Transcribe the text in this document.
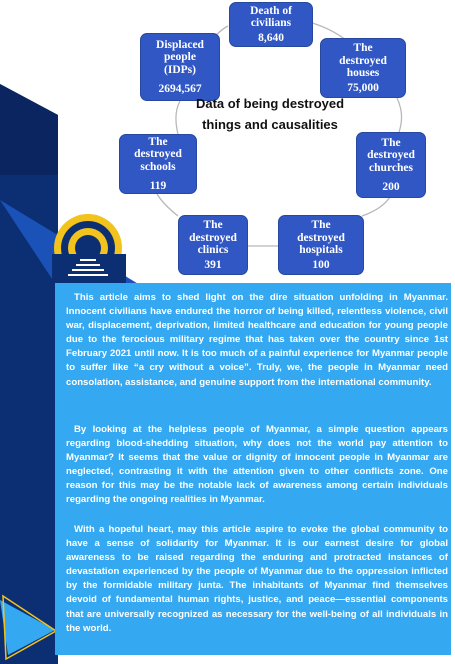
Death of
civilians
8,640
The
destroyed
houses
75,000
The
destroyed
churches
200
The
destroyed
hospitals
100
The
destroyed
clinics
391
The
destroyed
schools
119
Displaced
people
(IDPs)
2694,567
Data of being destroyed things and causalities

This article aims to shed light on the dire situation unfolding in Myanmar. Innocent civilians have endured the horror of being killed, relentless violence, civil war, displacement, deprivation, limited healthcare and education for young people due to the ferocious military regime that has taken over the country since 1st February 2021 until now. It is too much of a painful experience for Myanmar people to suffer like “a cry without a voice”. Truly, we, the people in Myanmar need consolation, assistance, and genuine support from the international community.

By looking at the helpless people of Myanmar, a simple question appears regarding blood-shedding situation, why does not the world pay attention to Myanmar? It seems that the value or dignity of innocent people in Myanmar are neglected, contrasting it with the attention given to other conflicts zone. One reason for this may be the notable lack of awareness among certain individuals regarding the ongoing realities in Myanmar.

With a hopeful heart, may this article aspire to evoke the global community to have a sense of solidarity for Myanmar. It is our earnest desire for global awareness to be raised regarding the enduring and protracted instances of devastation experienced by the people of Myanmar due to the oppression inflicted by the formidable military junta. The inhabitants of Myanmar find themselves devoid of fundamental human rights, justice, and peace—essential components that are universally recognized as necessary for the well-being of all individuals in the world.
